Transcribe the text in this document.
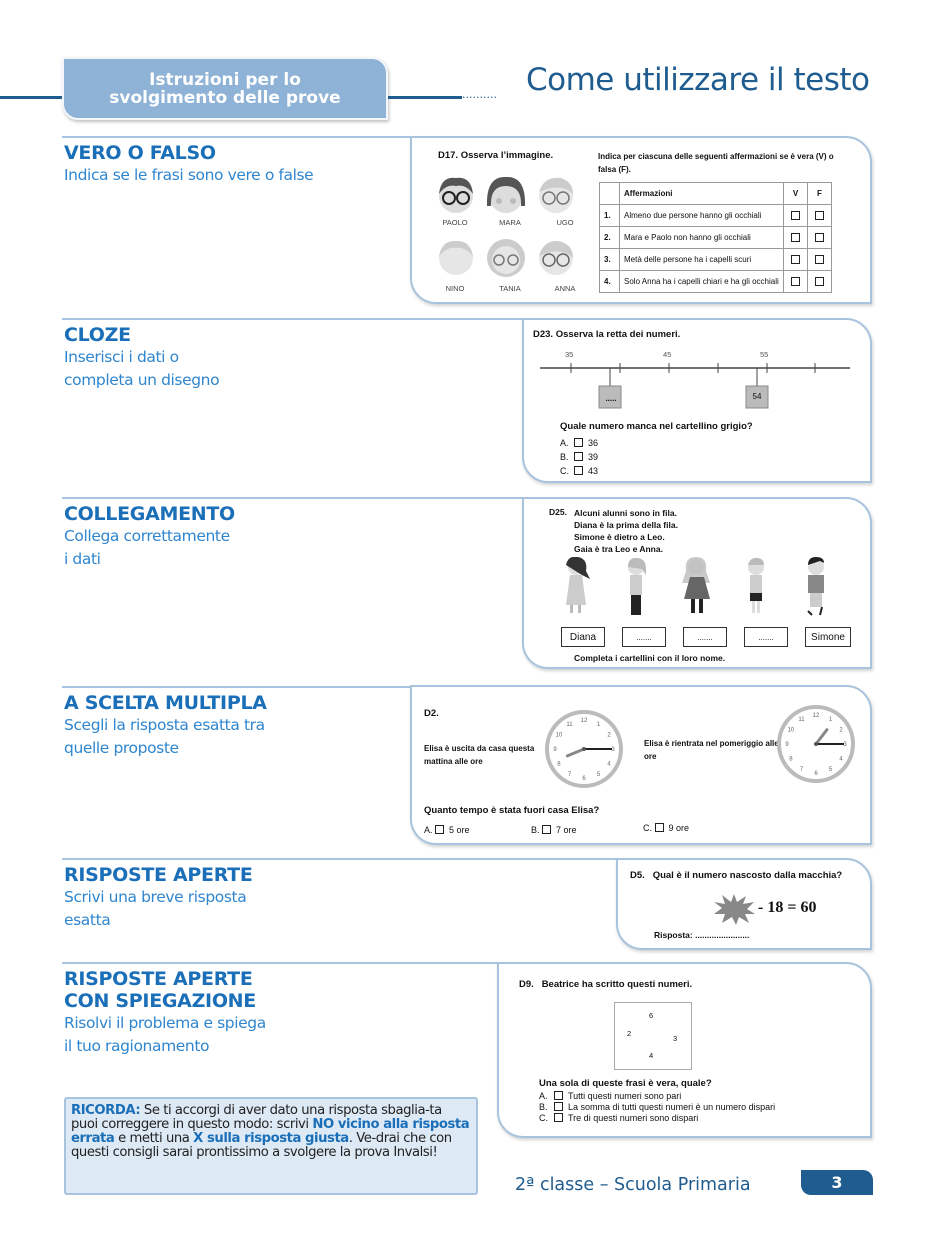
Istruzioni per lo svolgimento delle prove	.......... Come utilizzare il testo
VERO O FALSO
Indica se le frasi sono vere o false
CLOZE
Inserisci i dati o
completa un disegno
COLLEGAMENTO
Collega correttamente
i dati
A SCELTA MULTIPLA
Scegli la risposta esatta tra
quelle proposte
RISPOSTE APERTE
Scrivi una breve risposta
esatta
RISPOSTE APERTE
CON SPIEGAZIONE
Risolvi il problema e spiega
il tuo ragionamento
D17. Osserva l’immagine.
PAOLO	MARA	UGO
NINO	TANIA	ANNA
Indica per ciascuna delle seguenti affermazioni se è vera (V) o falsa (F).
	Affermazioni	V	F
1.	Almeno due persone hanno gli occhiali		
2.	Mara e Paolo non hanno gli occhiali		
3.	Metà delle persone ha i capelli scuri		
4.	Solo Anna ha i capelli chiari e ha gli occhiali		
D23. Osserva la retta dei numeri.
35	45	55
.....	54
Quale numero manca nel cartellino grigio?
A. 36
B. 39
C. 43
D25. Alcuni alunni sono in fila.
Diana è la prima della fila.
Simone è dietro a Leo.
Gaia è tra Leo e Anna.
Diana	.......	.......	.......	Simone
Completa i cartellini con il loro nome.
D2.
Elisa è uscita da casa questa mattina alle ore
12
1
2
3
4
5
6
7
8
9
10
11
Elisa è rientrata nel pomeriggio alle ore
12
1
2
3
4
5
6
7
8
9
10
11
Quanto tempo è stata fuori casa Elisa?
A. 5 ore	B. 7 ore	C. 9 ore
D5.   Qual è il numero nascosto dalla macchia?
- 18 = 60
Risposta: .......................
D9.   Beatrice ha scritto questi numeri.
6
2
3
4
Una sola di queste frasi è vera, quale?
A. Tutti questi numeri sono pari
B. La somma di tutti questi numeri è un numero dispari
C. Tre di questi numeri sono dispari
RICORDA: Se ti accorgi di aver dato una risposta sbaglia-ta puoi correggere in questo modo: scrivi NO vicino alla risposta errata e metti una X sulla risposta giusta. Ve-drai che con questi consigli sarai prontissimo a svolgere la prova Invalsi!
2ª classe – Scuola Primaria	3
